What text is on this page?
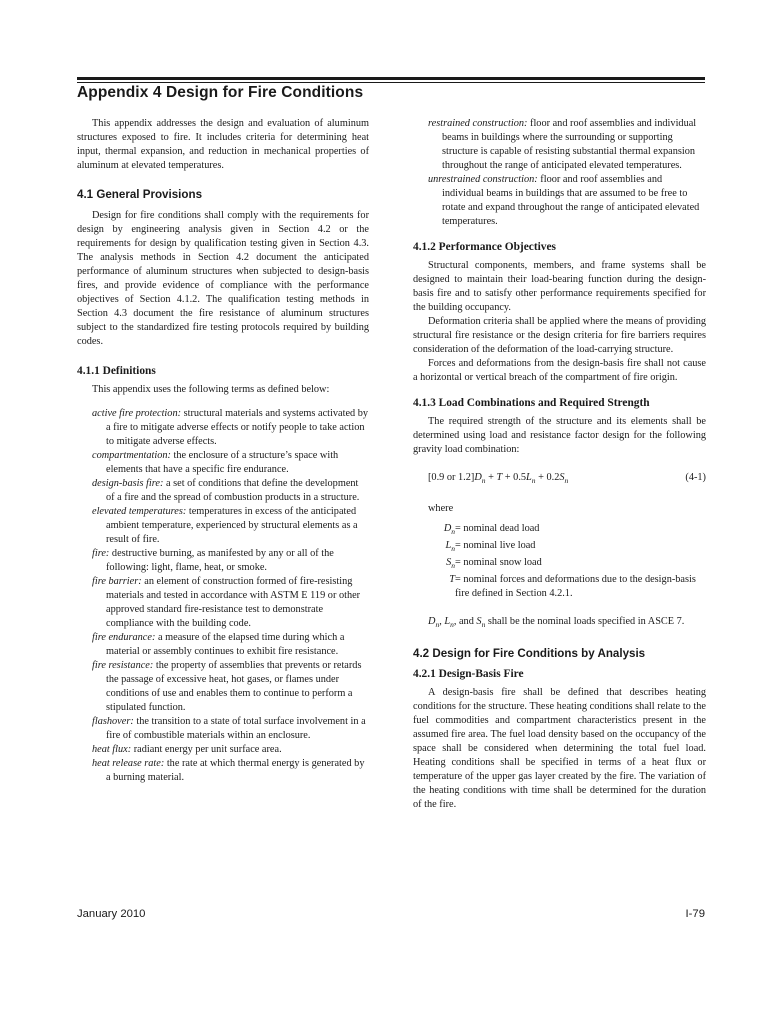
Appendix 4 Design for Fire Conditions

This appendix addresses the design and evaluation of aluminum structures exposed to fire. It includes criteria for determining heat input, thermal expansion, and reduction in mechanical properties of aluminum at elevated temperatures.

4.1 General Provisions

Design for fire conditions shall comply with the requirements for design by engineering analysis given in Section 4.2 or the requirements for design by qualification testing given in Section 4.3. The analysis methods in Section 4.2 document the anticipated performance of aluminum structures when subjected to design-basis fires, and provide evidence of compliance with the performance objectives of Section 4.1.2. The qualification testing methods in Section 4.3 document the fire resistance of aluminum structures subject to the standardized fire testing protocols required by building codes.

4.1.1 Definitions

This appendix uses the following terms as defined below:

active fire protection: structural materials and systems activated by a fire to mitigate adverse effects or notify people to take action to mitigate adverse effects.

compartmentation: the enclosure of a structure’s space with elements that have a specific fire endurance.

design-basis fire: a set of conditions that define the development of a fire and the spread of combustion products in a structure.

elevated temperatures: temperatures in excess of the anticipated ambient temperature, experienced by structural elements as a result of fire.

fire: destructive burning, as manifested by any or all of the following: light, flame, heat, or smoke.

fire barrier: an element of construction formed of fire-resisting materials and tested in accordance with ASTM E 119 or other approved standard fire-resistance test to demonstrate compliance with the building code.

fire endurance: a measure of the elapsed time during which a material or assembly continues to exhibit fire resistance.

fire resistance: the property of assemblies that prevents or retards the passage of excessive heat, hot gases, or flames under conditions of use and enables them to continue to perform a stipulated function.

flashover: the transition to a state of total surface involvement in a fire of combustible materials within an enclosure.

heat flux: radiant energy per unit surface area.

heat release rate: the rate at which thermal energy is generated by a burning material.

restrained construction: floor and roof assemblies and individual beams in buildings where the surrounding or supporting structure is capable of resisting substantial thermal expansion throughout the range of anticipated elevated temperatures.

unrestrained construction: floor and roof assemblies and individual beams in buildings that are assumed to be free to rotate and expand throughout the range of anticipated elevated temperatures.

4.1.2 Performance Objectives

Structural components, members, and frame systems shall be designed to maintain their load-bearing function during the design-basis fire and to satisfy other performance requirements specified for the building occupancy.

Deformation criteria shall be applied where the means of providing structural fire resistance or the design criteria for fire barriers requires consideration of the deformation of the load-carrying structure.

Forces and deformations from the design-basis fire shall not cause a horizontal or vertical breach of the compartment of fire origin.

4.1.3 Load Combinations and Required Strength

The required strength of the structure and its elements shall be determined using load and resistance factor design for the following gravity load combination:

[0.9 or $1.2]D_n + T + 0.5L_n + 0.2S_n$	(4-1)

where

$D_n$ = nominal dead load
$L_n$ = nominal live load
$S_n$ = nominal snow load
T = nominal forces and deformations due to the design-basis fire defined in Section 4.2.1.

$D_n$, $L_n$, and $S_n$ shall be the nominal loads specified in ASCE 7.

4.2 Design for Fire Conditions by Analysis
4.2.1 Design-Basis Fire

A design-basis fire shall be defined that describes heating conditions for the structure. These heating conditions shall relate to the fuel commodities and compartment characteristics present in the assumed fire area. The fuel load density based on the occupancy of the space shall be considered when determining the total fuel load. Heating conditions shall be specified in terms of a heat flux or temperature of the upper gas layer created by the fire. The variation of the heating conditions with time shall be determined for the duration of the fire.

January 2010	I-79
